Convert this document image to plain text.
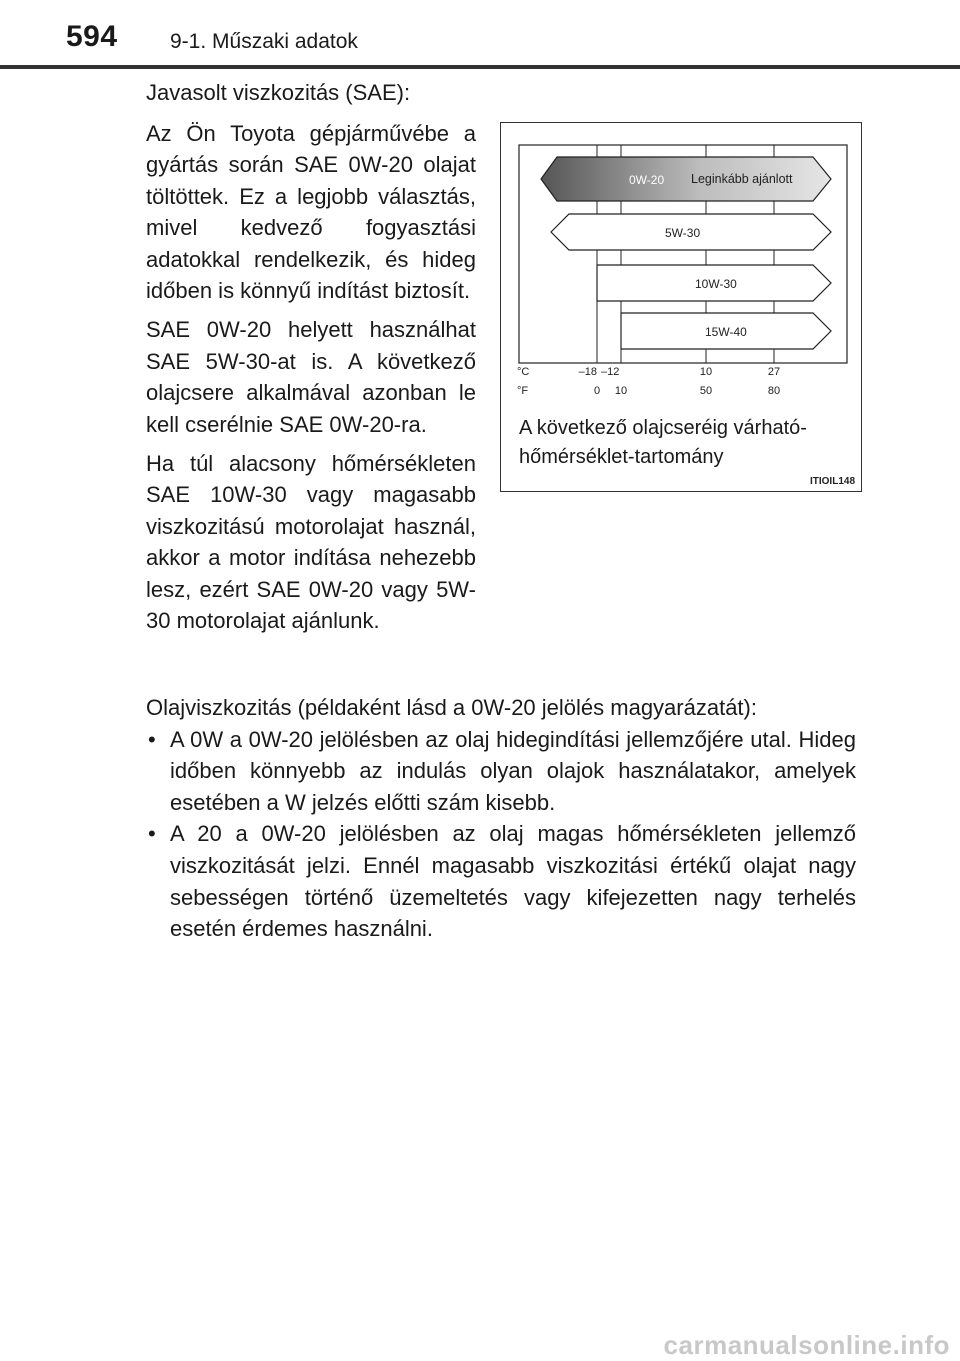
594 9-1. Műszaki adatok
Javasolt viszkozitás (SAE):

Az Ön Toyota gépjárművébe a gyártás során SAE 0W-20 olajat töltöttek. Ez a legjobb választás, mivel kedvező fogyasztási adatokkal rendelkezik, és hideg időben is könnyű indítást biztosít.

SAE 0W-20 helyett használhat SAE 5W-30-at is. A következő olajcsere alkalmával azonban le kell cserélnie SAE 0W-20-ra.

Ha túl alacsony hőmérsékleten SAE 10W-30 vagy magasabb viszkozitású motorolajat használ, akkor a motor indítása nehezebb lesz, ezért SAE 0W-20 vagy 5W-30 motorolajat ajánlunk.

0W-20 Leginkább ajánlott
5W-30
10W-30
15W-40
°C
°F
–18 –12	10	27
0 10	50	80
A következő olajcseréig várható-
hőmérséklet-tartomány
ITIOIL148

Olajviszkozitás (példaként lásd a 0W-20 jelölés magyarázatát):

• A 0W a 0W-20 jelölésben az olaj hidegindítási jellemzőjére utal. Hideg időben könnyebb az indulás olyan olajok használatakor, amelyek esetében a W jelzés előtti szám kisebb.

• A 20 a 0W-20 jelölésben az olaj magas hőmérsékleten jellemző viszkozitását jelzi. Ennél magasabb viszkozitási értékű olajat nagy sebességen történő üzemeltetés vagy kifejezetten nagy terhelés esetén érdemes használni.

carmanualsonline.info
